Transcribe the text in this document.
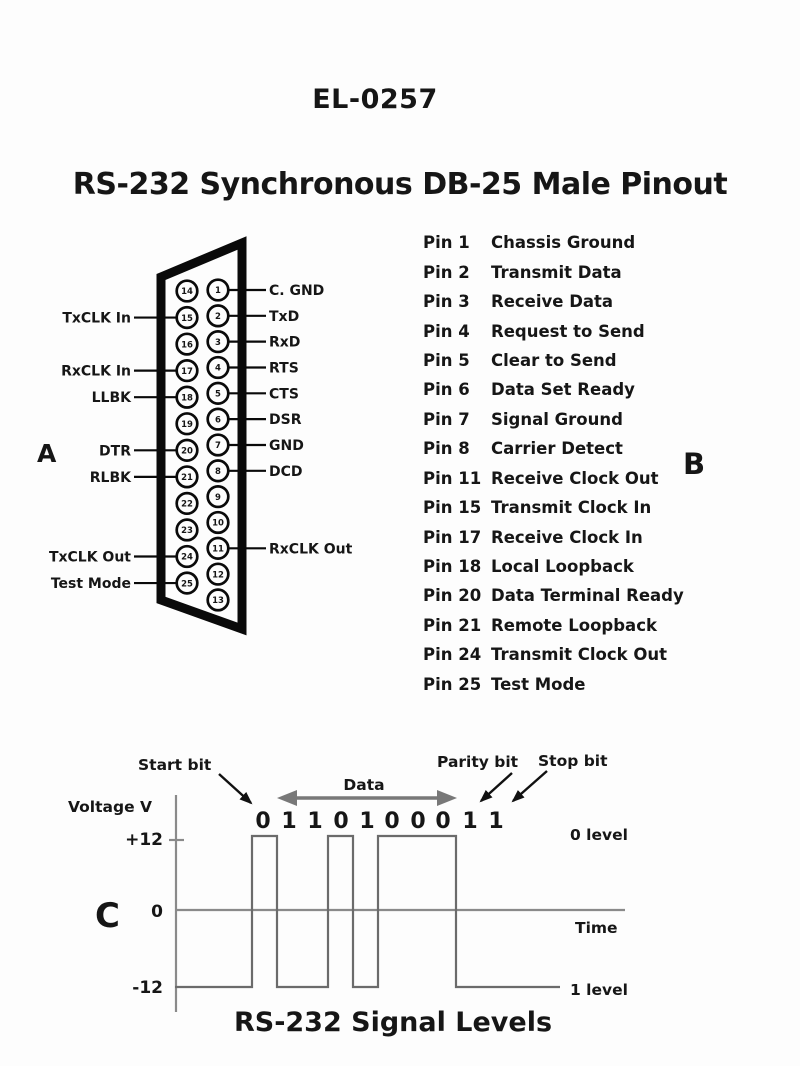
EL-0257
RS-232 Synchronous DB-25 Male Pinout
A	B
C
Pin 1	Chassis Ground
Pin 2	Transmit Data
Pin 3	Receive Data
Pin 4	Request to Send
Pin 5	Clear to Send
Pin 6	Data Set Ready
Pin 7	Signal Ground
Pin 8	Carrier Detect
Pin 11 Receive Clock Out
Pin 15 Transmit Clock In
Pin 17 Receive Clock In
Pin 18 Local Loopback
Pin 20 Data Terminal Ready
Pin 21 Remote Loopback
Pin 24 Transmit Clock Out
Pin 25 Test Mode
C. GND
1
TxD
2
RxD
3
RTS
4
CTS
5
DSR
6
GND
7
DCD
8
9
10
RxCLK Out
11
12
13
14
TxCLK In	15
16
RxCLK In	17
LLBK	18
19
DTR	20
RLBK	21
22
23
TxCLK Out	24
Test Mode	25
Voltage V
+12
0
-12
Start bit
Data
Parity bit Stop bit
0 level
1 level
Time
0 1 1 0 1 0 0 0 1 1
RS-232 Signal Levels
